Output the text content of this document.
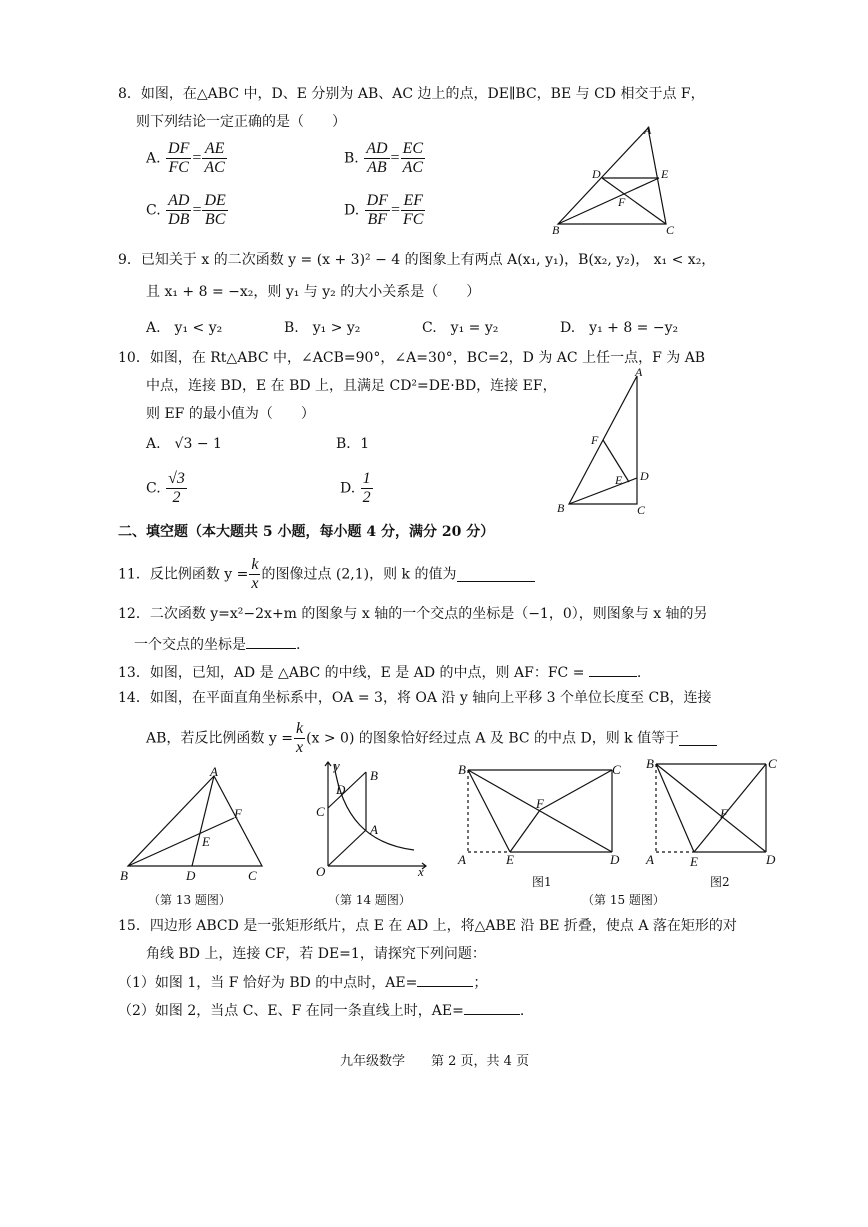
8．如图，在△ABC 中，D、E 分别为 AB、AC 边上的点，DE∥BC，BE 与 CD 相交于点 F，
则下列结论一定正确的是（　　）
A. $\frac{DF}{FC} = \frac{AE}{AC}$	B. $\frac{AD}{AB} = \frac{EC}{AC}$
C. $\frac{AD}{DB} = \frac{DE}{BC}$	D. $\frac{DF}{BF} = \frac{EF}{FC}$
A
B	C
D	E
F
9．已知关于 x 的二次函数 y = (x + 3)² − 4 的图象上有两点 A(x₁, y₁)，B(x₂, y₂)， x₁ < x₂，
且 x₁ + 8 = −x₂，则 y₁ 与 y₂ 的大小关系是（　　）
A.　y₁ < y₂	B.　y₁ > y₂	C.　y₁ = y₂	D.　y₁ + 8 = −y₂
10．如图，在 Rt△ABC 中，∠ACB=90°，∠A=30°，BC=2，D 为 AC 上任一点，F 为 AB
中点，连接 BD，E 在 BD 上，且满足 CD²=DE·BD，连接 EF，
则 EF 的最小值为（　　）
A.　√3 − 1	B．1
C. $\frac{√3}{2}$	D. $\frac{1}{2}$
A
B	C
D
E
F
二、填空题（本大题共 5 小题，每小题 4 分，满分 20 分）
11．反比例函数 $y = \frac{k}{x}$ 的图像过点 (2,1)，则 k 的值为
12．二次函数 y=x²−2x+m 的图象与 x 轴的一个交点的坐标是（−1，0），则图象与 x 轴的另
一个交点的坐标是	.
13．如图，已知，AD 是 △ABC 的中线，E 是 AD 的中点，则 AF：FC =	.
14．如图，在平面直角坐标系中，OA = 3，将 OA 沿 y 轴向上平移 3 个单位长度至 CB，连接
AB，若反比例函数 $y = \frac{k}{x} (x > 0)$ 的图象恰好经过点 A 及 BC 的中点 D，则 k 值等于
A
B	C
D
E
F
（第 13 题图）
y
x
O
A
B
C
D
（第 14 题图）
B	C
A	E	D
F
图1
B	C
A	E	D
F
（第 15 题图）
图2
15．四边形 ABCD 是一张矩形纸片，点 E 在 AD 上，将△ABE 沿 BE 折叠，使点 A 落在矩形的对
角线 BD 上，连接 CF，若 DE=1，请探究下列问题：
（1）如图 1，当 F 恰好为 BD 的中点时，AE=	；
（2）如图 2，当点 C、E、F 在同一条直线上时，AE=	.
九年级数学　　第 2 页，共 4 页
